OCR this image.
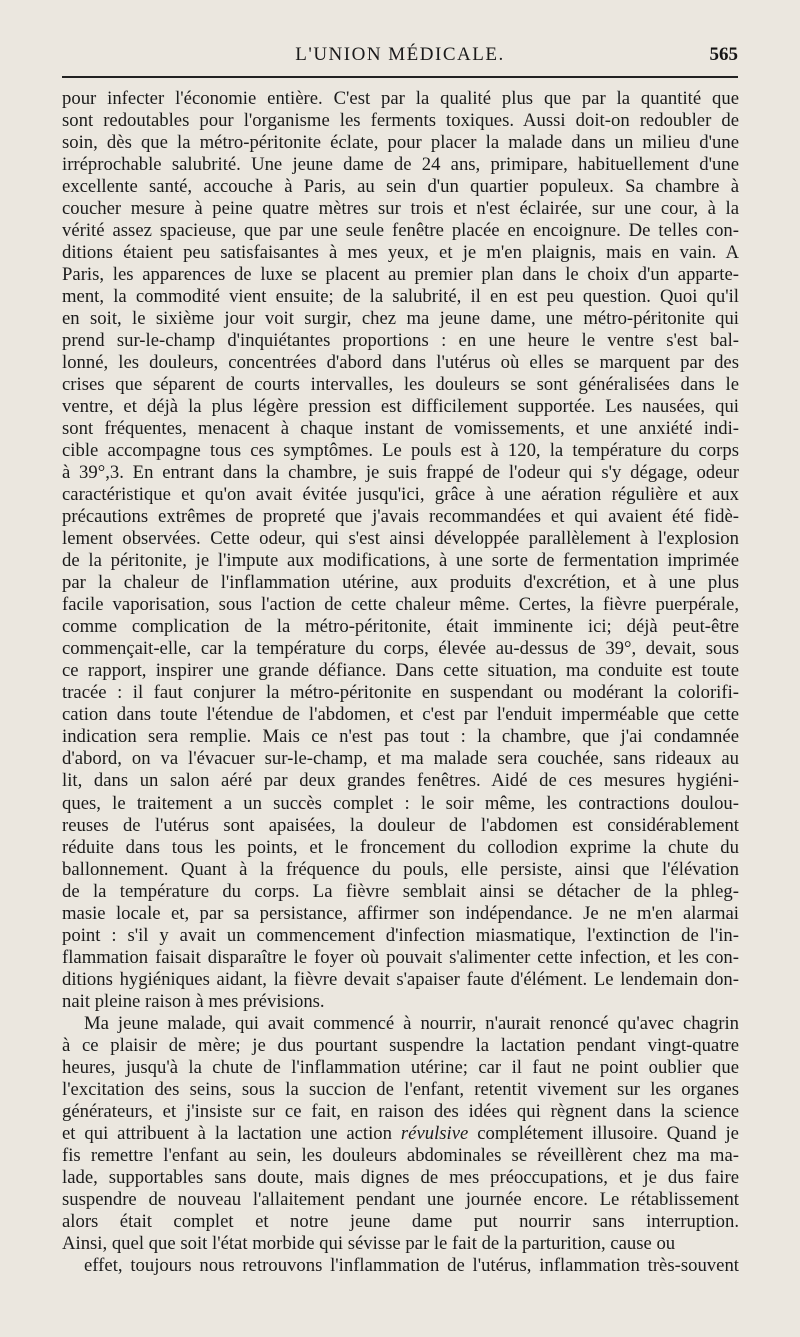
L'UNION MÉDICALE.	565
pour infecter l'économie entière. C'est par la qualité plus que par la quantité que
sont redoutables pour l'organisme les ferments toxiques. Aussi doit-on redoubler de
soin, dès que la métro-péritonite éclate, pour placer la malade dans un milieu d'une
irréprochable salubrité. Une jeune dame de 24 ans, primipare, habituellement d'une
excellente santé, accouche à Paris, au sein d'un quartier populeux. Sa chambre à
coucher mesure à peine quatre mètres sur trois et n'est éclairée, sur une cour, à la
vérité assez spacieuse, que par une seule fenêtre placée en encoignure. De telles con-
ditions étaient peu satisfaisantes à mes yeux, et je m'en plaignis, mais en vain. A
Paris, les apparences de luxe se placent au premier plan dans le choix d'un apparte-
ment, la commodité vient ensuite; de la salubrité, il en est peu question. Quoi qu'il
en soit, le sixième jour voit surgir, chez ma jeune dame, une métro-péritonite qui
prend sur-le-champ d'inquiétantes proportions : en une heure le ventre s'est bal-
lonné, les douleurs, concentrées d'abord dans l'utérus où elles se marquent par des
crises que séparent de courts intervalles, les douleurs se sont généralisées dans le
ventre, et déjà la plus légère pression est difficilement supportée. Les nausées, qui
sont fréquentes, menacent à chaque instant de vomissements, et une anxiété indi-
cible accompagne tous ces symptômes. Le pouls est à 120, la température du corps
à 39°,3. En entrant dans la chambre, je suis frappé de l'odeur qui s'y dégage, odeur
caractéristique et qu'on avait évitée jusqu'ici, grâce à une aération régulière et aux
précautions extrêmes de propreté que j'avais recommandées et qui avaient été fidè-
lement observées. Cette odeur, qui s'est ainsi développée parallèlement à l'explosion
de la péritonite, je l'impute aux modifications, à une sorte de fermentation imprimée
par la chaleur de l'inflammation utérine, aux produits d'excrétion, et à une plus
facile vaporisation, sous l'action de cette chaleur même. Certes, la fièvre puerpérale,
comme complication de la métro-péritonite, était imminente ici; déjà peut-être
commençait-elle, car la température du corps, élevée au-dessus de 39°, devait, sous
ce rapport, inspirer une grande défiance. Dans cette situation, ma conduite est toute
tracée : il faut conjurer la métro-péritonite en suspendant ou modérant la colorifi-
cation dans toute l'étendue de l'abdomen, et c'est par l'enduit imperméable que cette
indication sera remplie. Mais ce n'est pas tout : la chambre, que j'ai condamnée
d'abord, on va l'évacuer sur-le-champ, et ma malade sera couchée, sans rideaux au
lit, dans un salon aéré par deux grandes fenêtres. Aidé de ces mesures hygiéni-
ques, le traitement a un succès complet : le soir même, les contractions doulou-
reuses de l'utérus sont apaisées, la douleur de l'abdomen est considérablement
réduite dans tous les points, et le froncement du collodion exprime la chute du
ballonnement. Quant à la fréquence du pouls, elle persiste, ainsi que l'élévation
de la température du corps. La fièvre semblait ainsi se détacher de la phleg-
masie locale et, par sa persistance, affirmer son indépendance. Je ne m'en alarmai
point : s'il y avait un commencement d'infection miasmatique, l'extinction de l'in-
flammation faisait disparaître le foyer où pouvait s'alimenter cette infection, et les con-
ditions hygiéniques aidant, la fièvre devait s'apaiser faute d'élément. Le lendemain don-
nait pleine raison à mes prévisions.
Ma jeune malade, qui avait commencé à nourrir, n'aurait renoncé qu'avec chagrin
à ce plaisir de mère; je dus pourtant suspendre la lactation pendant vingt-quatre
heures, jusqu'à la chute de l'inflammation utérine; car il faut ne point oublier que
l'excitation des seins, sous la succion de l'enfant, retentit vivement sur les organes
générateurs, et j'insiste sur ce fait, en raison des idées qui règnent dans la science
et qui attribuent à la lactation une action révulsive complétement illusoire. Quand je
fis remettre l'enfant au sein, les douleurs abdominales se réveillèrent chez ma ma-
lade, supportables sans doute, mais dignes de mes préoccupations, et je dus faire
suspendre de nouveau l'allaitement pendant une journée encore. Le rétablissement
alors était complet et notre jeune dame put nourrir sans interruption.
Ainsi, quel que soit l'état morbide qui sévisse par le fait de la parturition, cause ou
effet, toujours nous retrouvons l'inflammation de l'utérus, inflammation très-souvent
